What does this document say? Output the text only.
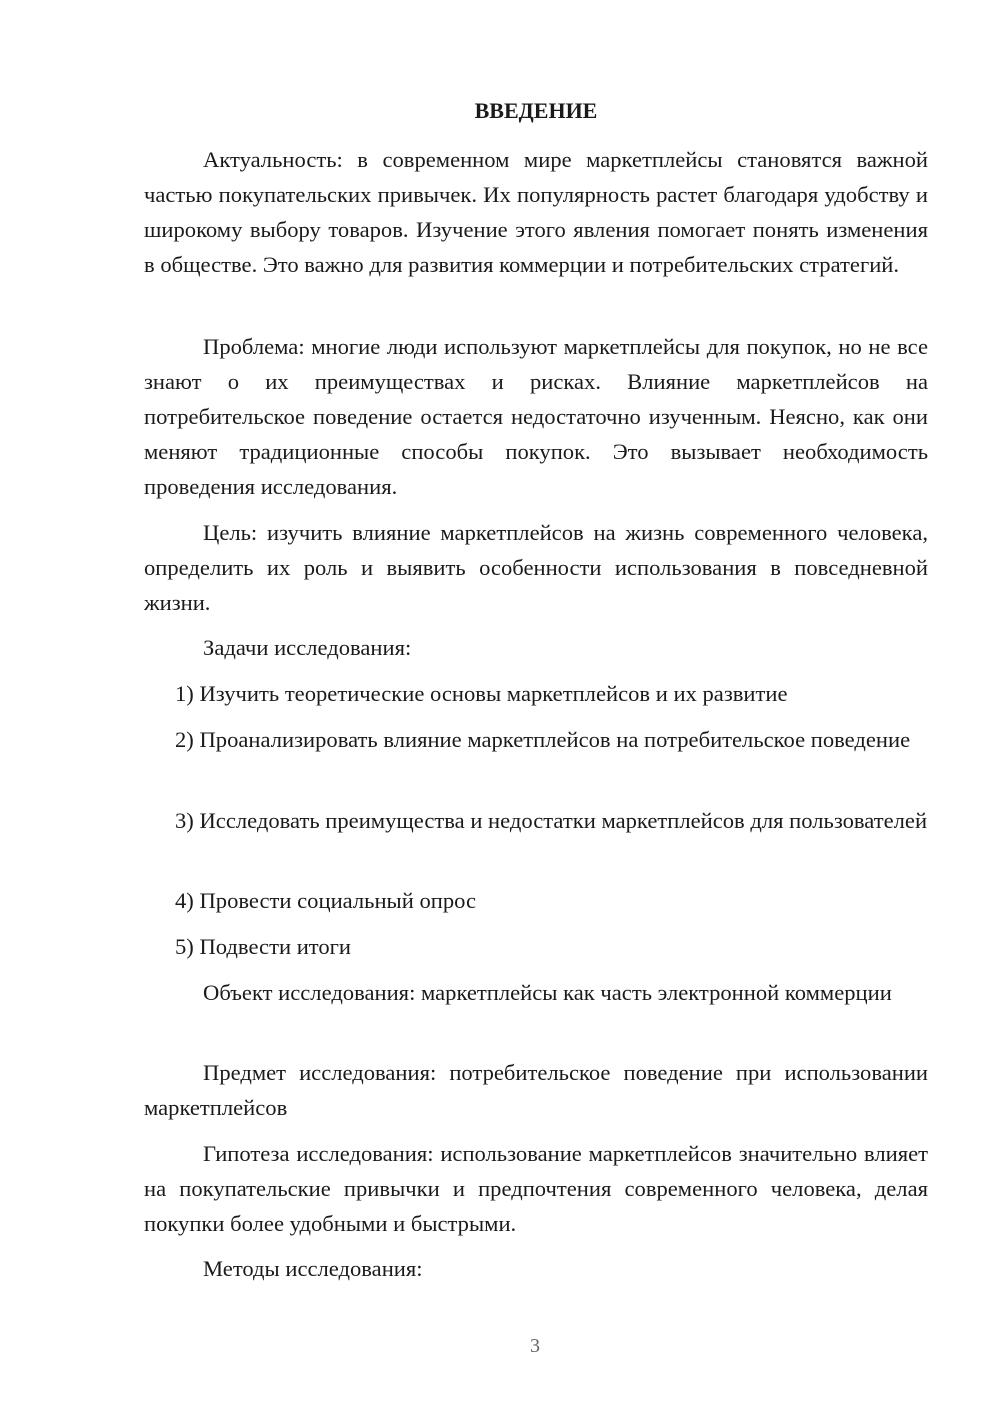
ВВЕДЕНИЕ

Актуальность: в современном мире маркетплейсы становятся важной частью покупательских привычек. Их популярность растет благодаря удобству и широкому выбору товаров. Изучение этого явления помогает понять изменения в обществе. Это важно для развития коммерции и потребительских стратегий.

Проблема: многие люди используют маркетплейсы для покупок, но не все знают о их преимуществах и рисках. Влияние маркетплейсов на потребительское поведение остается недостаточно изученным. Неясно, как они меняют традиционные способы покупок. Это вызывает необходимость проведения исследования.

Цель: изучить влияние маркетплейсов на жизнь современного человека, определить их роль и выявить особенности использования в повседневной жизни.

Задачи исследования:

1) Изучить теоретические основы маркетплейсов и их развитие

2) Проанализировать влияние маркетплейсов на потребительское поведение

3) Исследовать преимущества и недостатки маркетплейсов для пользователей

4) Провести социальный опрос

5) Подвести итоги

Объект исследования: маркетплейсы как часть электронной коммерции

Предмет исследования: потребительское поведение при использовании маркетплейсов

Гипотеза исследования: использование маркетплейсов значительно влияет на покупательские привычки и предпочтения современного человека, делая покупки более удобными и быстрыми.

Методы исследования:

3
